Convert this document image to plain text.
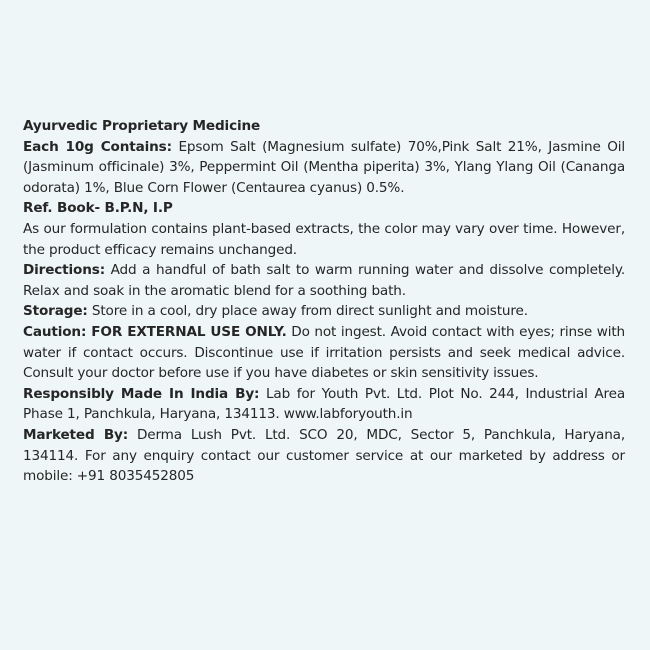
Ayurvedic Proprietary Medicine

Each 10g Contains: Epsom Salt (Magnesium sulfate) 70%,Pink Salt 21%, Jasmine Oil (Jasminum officinale) 3%, Peppermint Oil (Mentha piperita) 3%, Ylang Ylang Oil (Cananga odorata) 1%, Blue Corn Flower (Centaurea cyanus) 0.5%.

Ref. Book- B.P.N, I.P

As our formulation contains plant-based extracts, the color may vary over time. However, the product efficacy remains unchanged.

Directions: Add a handful of bath salt to warm running water and dissolve completely. Relax and soak in the aromatic blend for a soothing bath.

Storage: Store in a cool, dry place away from direct sunlight and moisture.

Caution: FOR EXTERNAL USE ONLY. Do not ingest. Avoid contact with eyes; rinse with water if contact occurs. Discontinue use if irritation persists and seek medical advice. Consult your doctor before use if you have diabetes or skin sensitivity issues.

Responsibly Made In India By: Lab for Youth Pvt. Ltd. Plot No. 244, Industrial Area Phase 1, Panchkula, Haryana, 134113. www.labforyouth.in

Marketed By: Derma Lush Pvt. Ltd. SCO 20, MDC, Sector 5, Panchkula, Haryana, 134114. For any enquiry contact our customer service at our marketed by address or mobile: +91 8035452805
